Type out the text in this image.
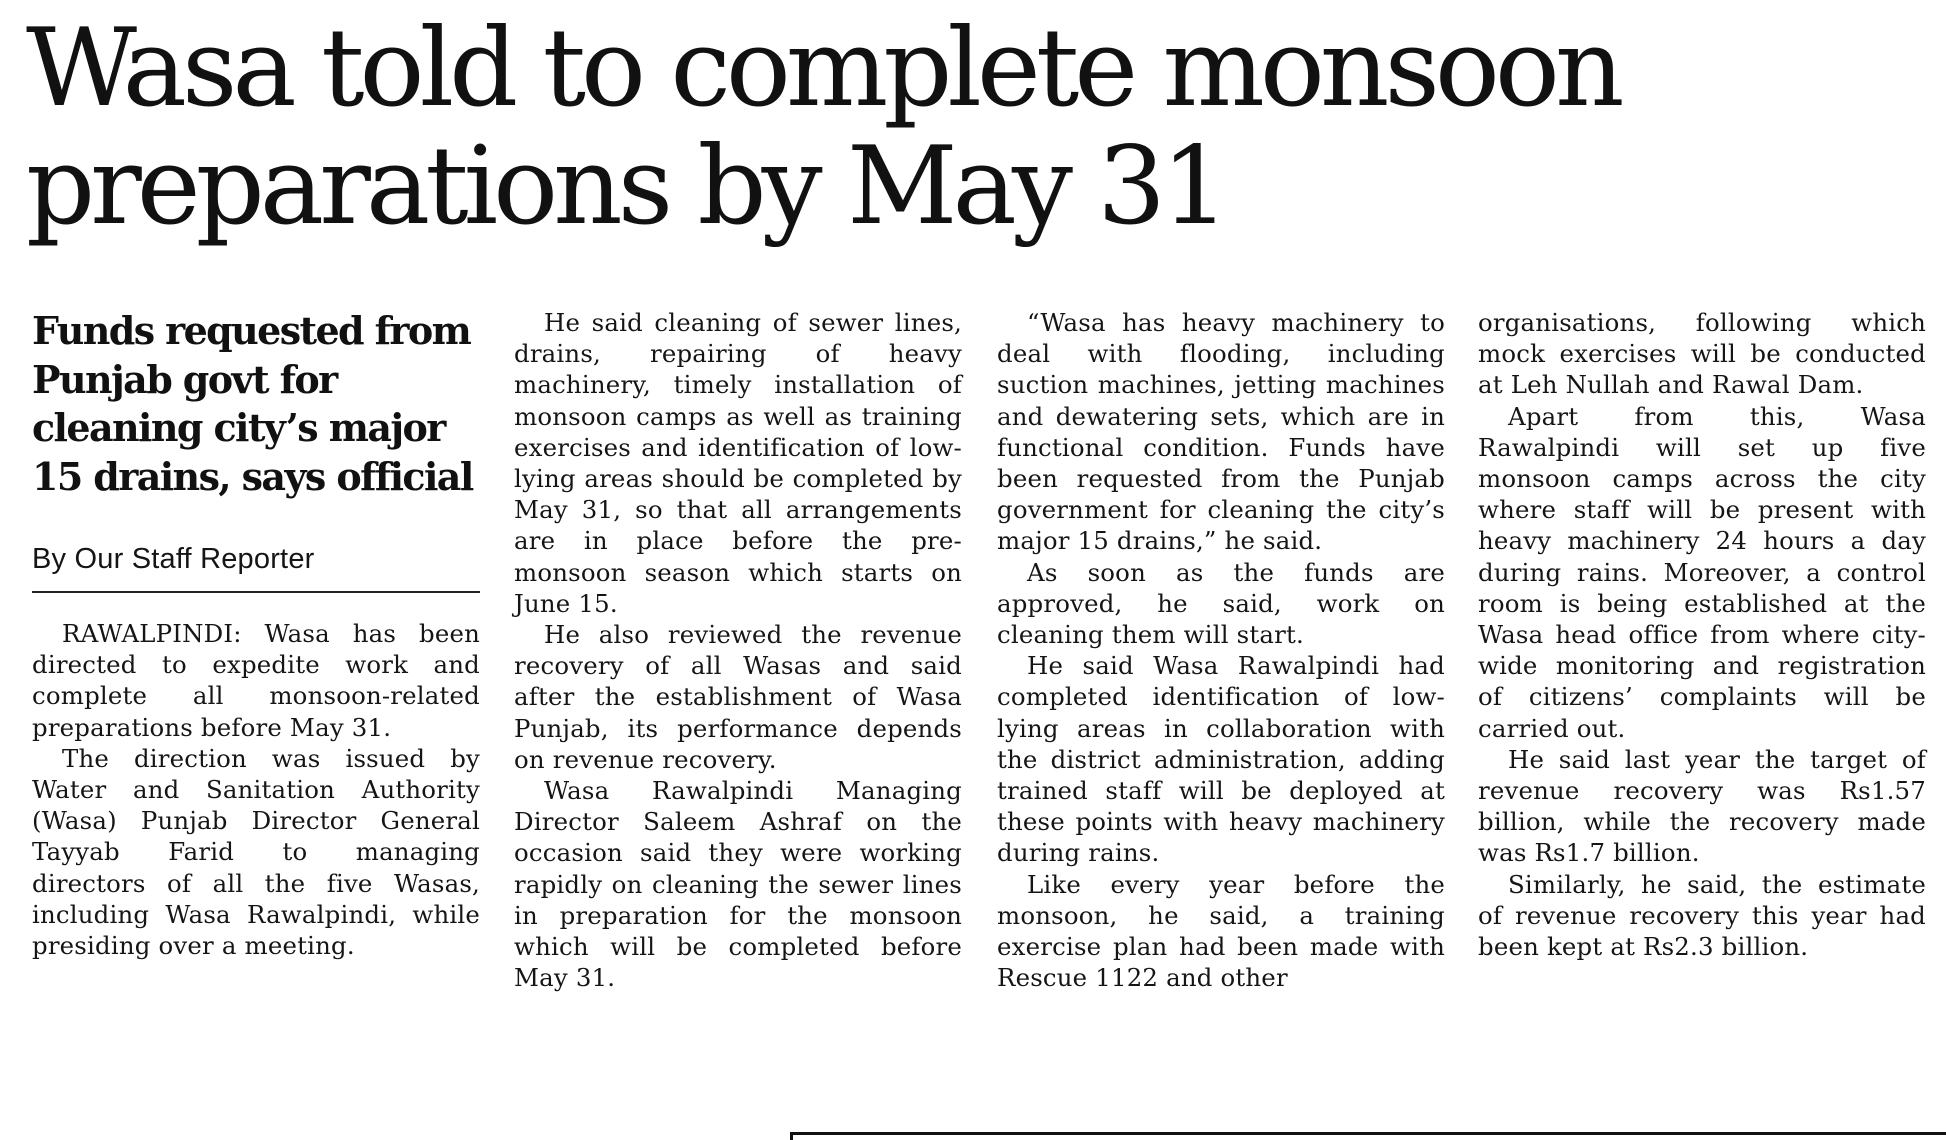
Wasa told to complete monsoon
preparations by May 31
Funds requested from Punjab govt for cleaning city’s major 15 drains, says official
By Our Staff Reporter

RAWALPINDI: Wasa has been directed to expedite work and complete all monsoon-related preparations before May 31.

The direction was issued by Water and Sanitation Authority (Wasa) Punjab Director General Tayyab Farid to managing directors of all the five Wasas, including Wasa Rawalpindi, while presiding over a meeting.

He said cleaning of sewer lines, drains, repairing of heavy machinery, timely installation of monsoon camps as well as training exercises and identification of low-lying areas should be completed by May 31, so that all arrangements are in place before the pre-monsoon season which starts on June 15.

He also reviewed the revenue recovery of all Wasas and said after the establishment of Wasa Punjab, its performance depends on revenue recovery.

Wasa Rawalpindi Managing Director Saleem Ashraf on the occasion said they were working rapidly on cleaning the sewer lines in preparation for the monsoon which will be completed before May 31.

“Wasa has heavy machinery to deal with flooding, including suction machines, jetting machines and dewatering sets, which are in functional condition. Funds have been requested from the Punjab government for cleaning the city’s major 15 drains,” he said.

As soon as the funds are approved, he said, work on cleaning them will start.

He said Wasa Rawalpindi had completed identification of low-lying areas in collaboration with the district administration, adding trained staff will be deployed at these points with heavy machinery during rains.

Like every year before the monsoon, he said, a training exercise plan had been made with Rescue 1122 and other

organisations, following which mock exercises will be conducted at Leh Nullah and Rawal Dam.

Apart from this, Wasa Rawalpindi will set up five monsoon camps across the city where staff will be present with heavy machinery 24 hours a day during rains. Moreover, a control room is being established at the Wasa head office from where city-wide monitoring and registration of citizens’ complaints will be carried out.

He said last year the target of revenue recovery was Rs1.57 billion, while the recovery made was Rs1.7 billion.

Similarly, he said, the estimate of revenue recovery this year had been kept at Rs2.3 billion.
